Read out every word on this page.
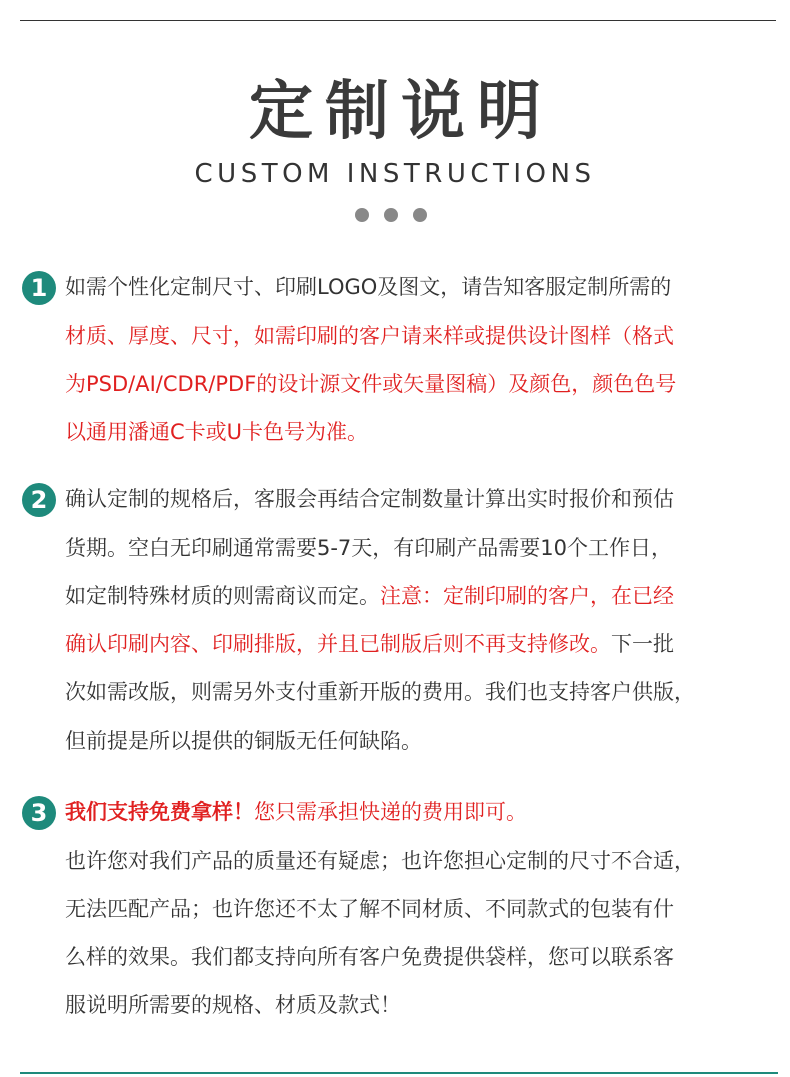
定制说明
CUSTOM INSTRUCTIONS
1 如需个性化定制尺寸、印刷LOGO及图文，请告知客服定制所需的
材质、厚度、尺寸，如需印刷的客户请来样或提供设计图样（格式
为PSD/AI/CDR/PDF的设计源文件或矢量图稿）及颜色，颜色色号
以通用潘通C卡或U卡色号为准。
2 确认定制的规格后，客服会再结合定制数量计算出实时报价和预估
货期。空白无印刷通常需要5-7天，有印刷产品需要10个工作日，
如定制特殊材质的则需商议而定。注意：定制印刷的客户，在已经
确认印刷内容、印刷排版，并且已制版后则不再支持修改。下一批
次如需改版，则需另外支付重新开版的费用。我们也支持客户供版，
但前提是所以提供的铜版无任何缺陷。
3 我们支持免费拿样！您只需承担快递的费用即可。
也许您对我们产品的质量还有疑虑；也许您担心定制的尺寸不合适，
无法匹配产品；也许您还不太了解不同材质、不同款式的包装有什
么样的效果。我们都支持向所有客户免费提供袋样，您可以联系客
服说明所需要的规格、材质及款式！
